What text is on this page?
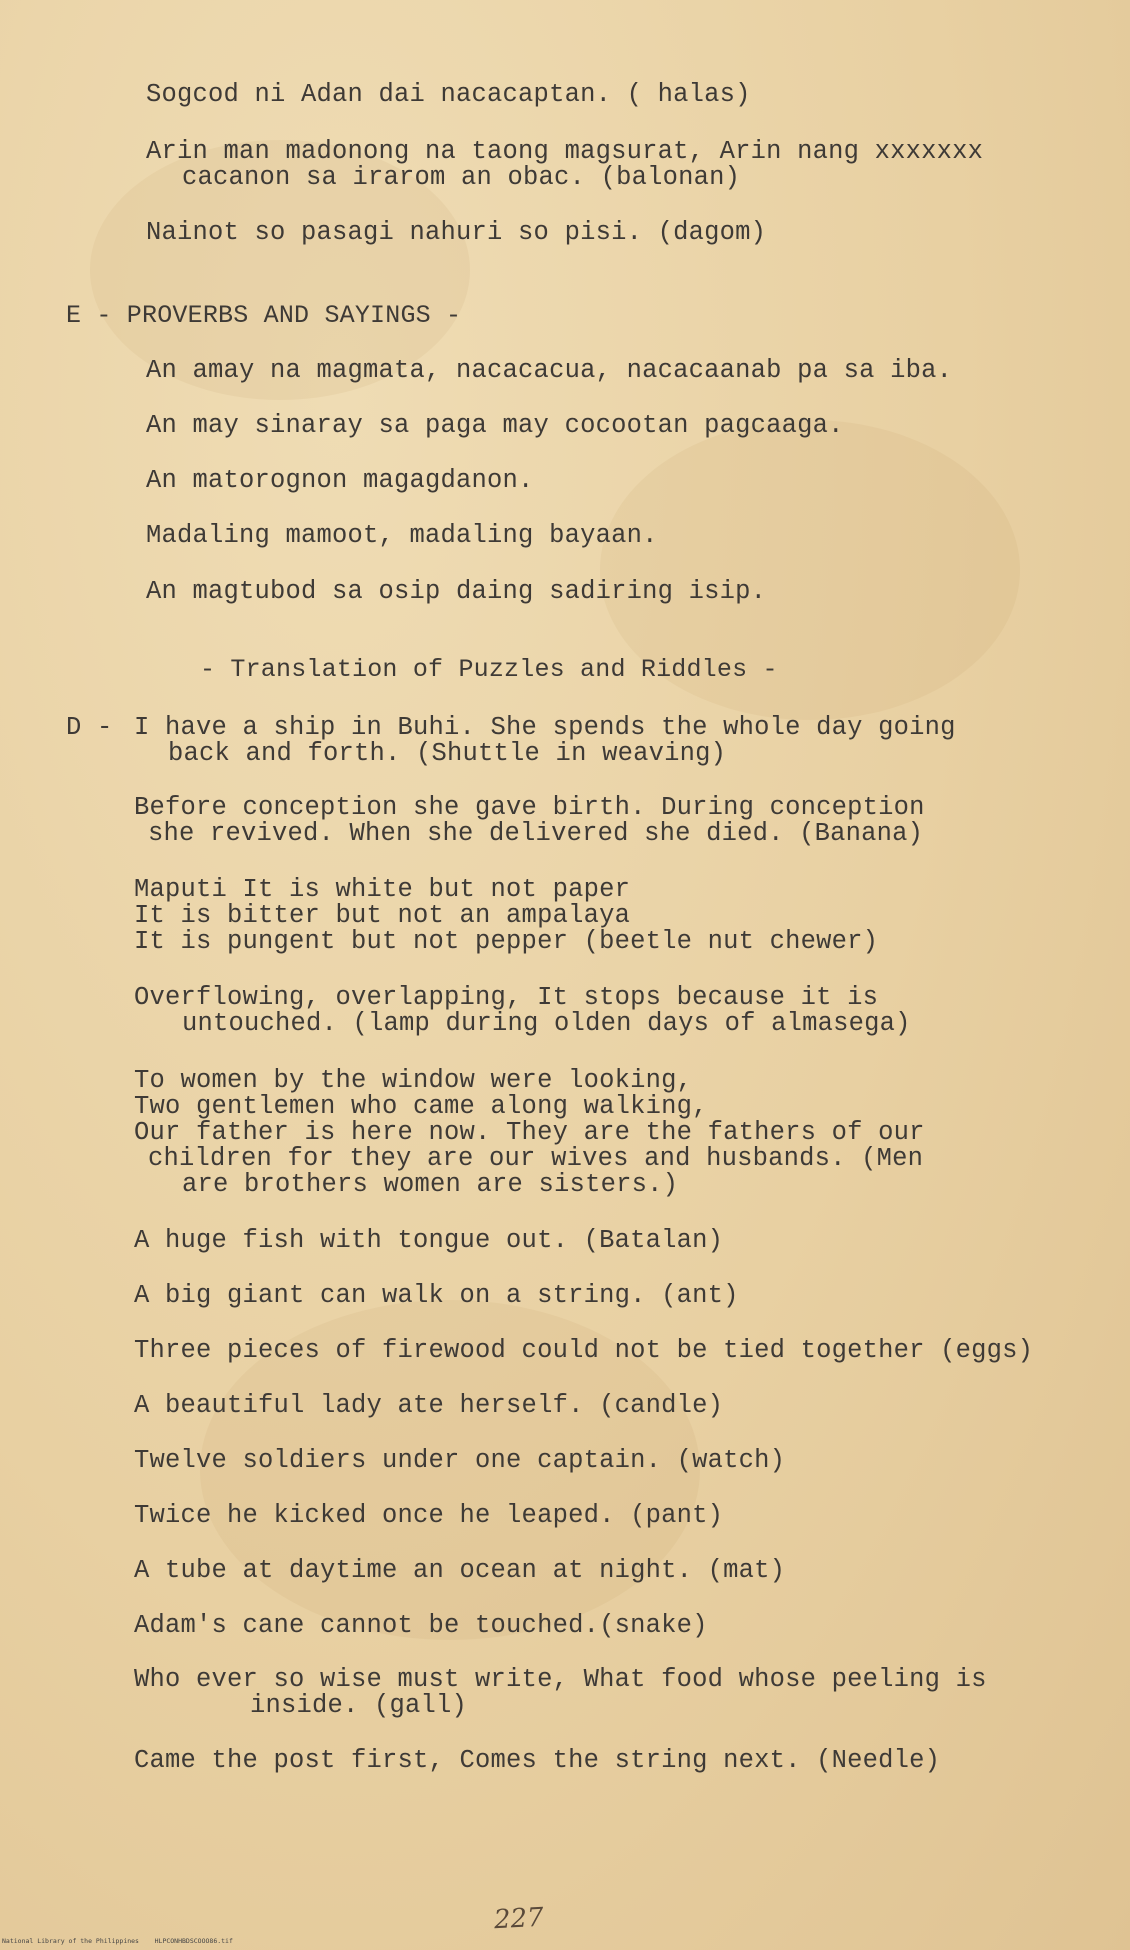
Sogcod ni Adan dai nacacaptan. ( halas)
Arin man madonong na taong magsurat, Arin nang xxxxxxx
cacanon sa irarom an obac. (balonan)
Nainot so pasagi nahuri so pisi. (dagom)
E - PROVERBS AND SAYINGS -
An amay na magmata, nacacacua, nacacaanab pa sa iba.
An may sinaray sa paga may cocootan pagcaaga.
An matorognon magagdanon.
Madaling mamoot, madaling bayaan.
An magtubod sa osip daing sadiring isip.
- Translation of Puzzles and Riddles -
D - I have a ship in Buhi. She spends the whole day going
back and forth. (Shuttle in weaving)
Before conception she gave birth. During conception
she revived. When she delivered she died. (Banana)
Maputi It is white but not paper
It is bitter but not an ampalaya
It is pungent but not pepper (beetle nut chewer)
Overflowing, overlapping, It stops because it is
untouched. (lamp during olden days of almasega)
To women by the window were looking,
Two gentlemen who came along walking,
Our father is here now. They are the fathers of our
children for they are our wives and husbands. (Men
are brothers women are sisters.)
A huge fish with tongue out. (Batalan)
A big giant can walk on a string. (ant)
Three pieces of firewood could not be tied together (eggs)
A beautiful lady ate herself. (candle)
Twelve soldiers under one captain. (watch)
Twice he kicked once he leaped. (pant)
A tube at daytime an ocean at night. (mat)
Adam's cane cannot be touched.(snake)
Who ever so wise must write, What food whose peeling is
inside. (gall)
Came the post first, Comes the string next. (Needle)
227
National Library of the Philippines    HLPCONHBDSCOOO86.tif
